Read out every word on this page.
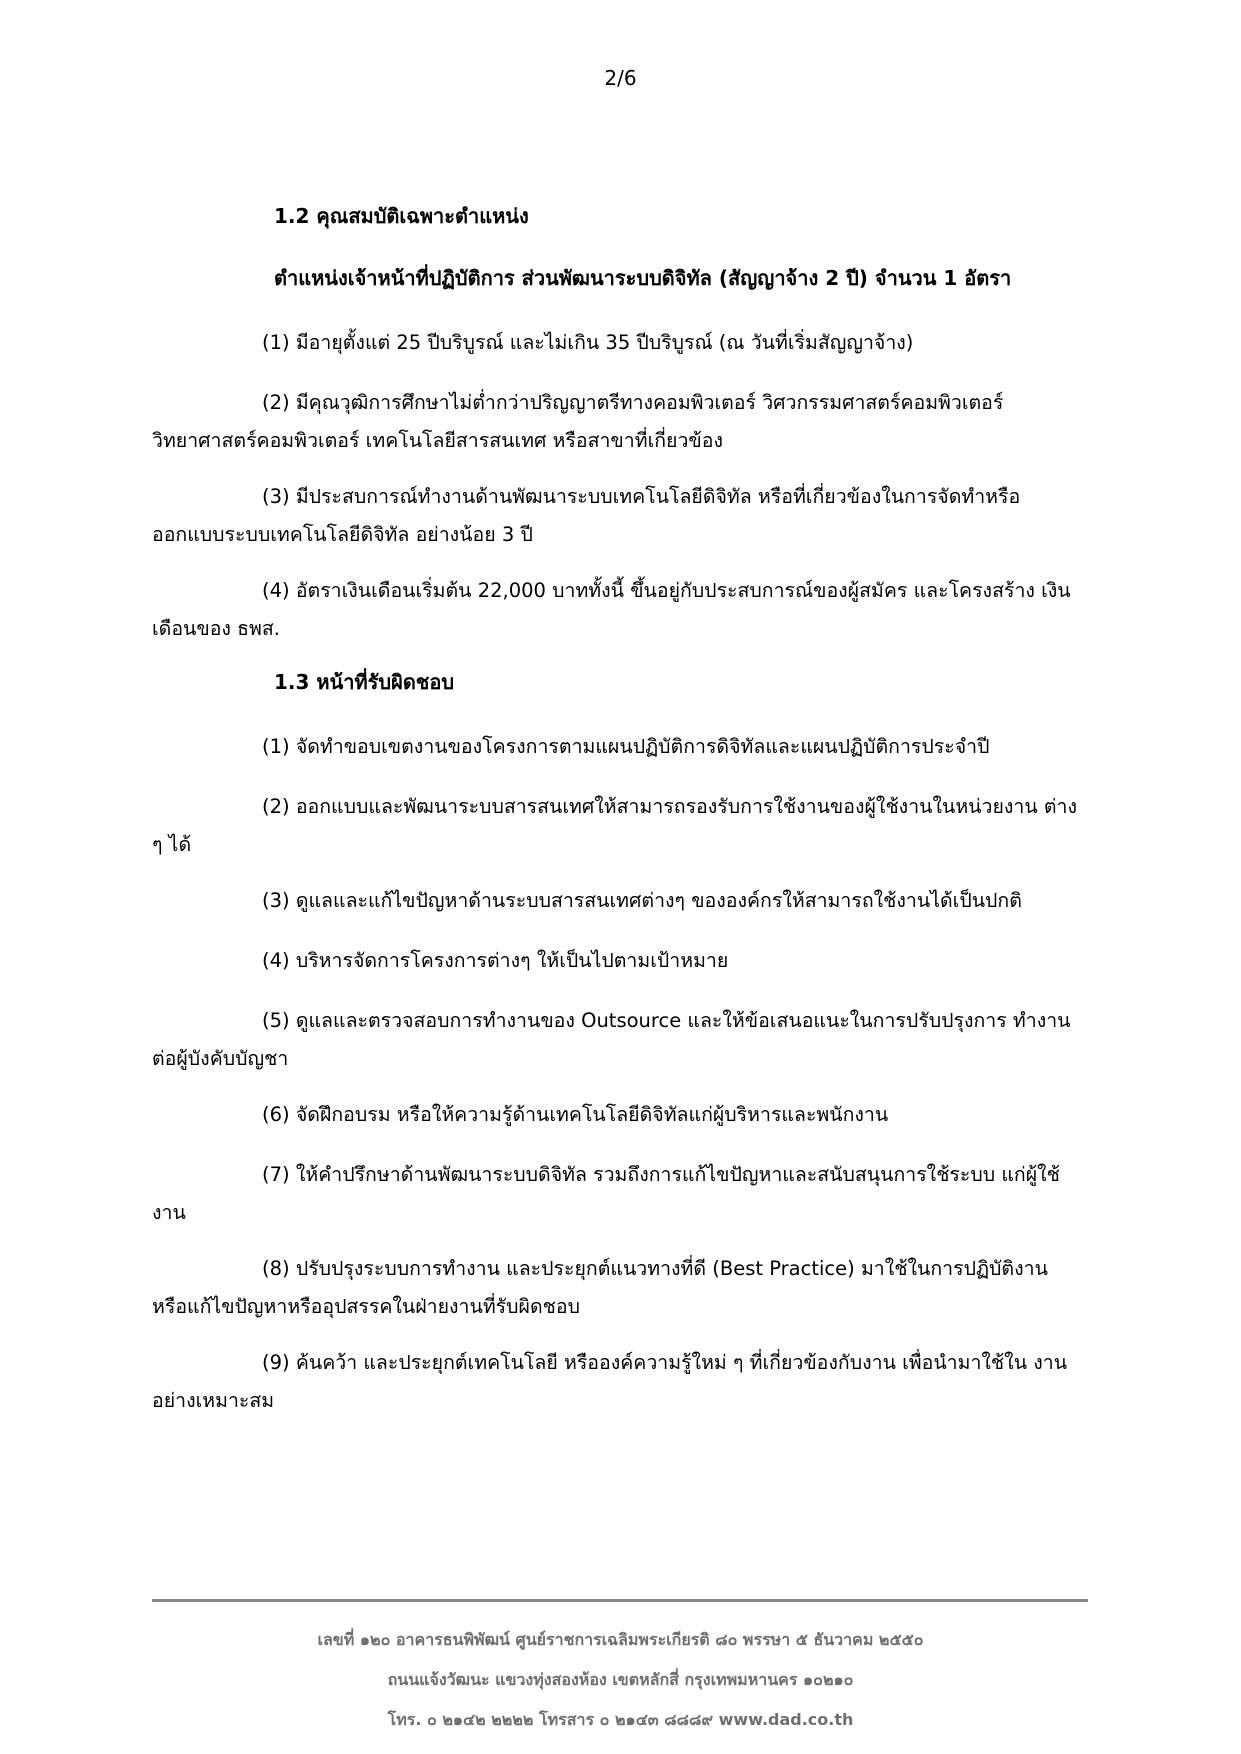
2/6
1.2 คุณสมบัติเฉพาะตำแหน่ง
ตำแหน่งเจ้าหน้าที่ปฏิบัติการ ส่วนพัฒนาระบบดิจิทัล (สัญญาจ้าง 2 ปี) จำนวน 1 อัตรา
(1) มีอายุตั้งแต่ 25 ปีบริบูรณ์ และไม่เกิน 35 ปีบริบูรณ์ (ณ วันที่เริ่มสัญญาจ้าง)
(2) มีคุณวุฒิการศึกษาไม่ต่ำกว่าปริญญาตรีทางคอมพิวเตอร์ วิศวกรรมศาสตร์คอมพิวเตอร์ วิทยาศาสตร์คอมพิวเตอร์ เทคโนโลยีสารสนเทศ หรือสาขาที่เกี่ยวข้อง
(3) มีประสบการณ์ทำงานด้านพัฒนาระบบเทคโนโลยีดิจิทัล หรือที่เกี่ยวข้องในการจัดทำหรือ ออกแบบระบบเทคโนโลยีดิจิทัล อย่างน้อย 3 ปี
(4) อัตราเงินเดือนเริ่มต้น 22,000 บาททั้งนี้ ขึ้นอยู่กับประสบการณ์ของผู้สมัคร และโครงสร้าง เงินเดือนของ ธพส.
1.3 หน้าที่รับผิดชอบ
(1) จัดทำขอบเขตงานของโครงการตามแผนปฏิบัติการดิจิทัลและแผนปฏิบัติการประจำปี
(2) ออกแบบและพัฒนาระบบสารสนเทศให้สามารถรองรับการใช้งานของผู้ใช้งานในหน่วยงาน ต่าง ๆ ได้
(3) ดูแลและแก้ไขปัญหาด้านระบบสารสนเทศต่างๆ ขององค์กรให้สามารถใช้งานได้เป็นปกติ
(4) บริหารจัดการโครงการต่างๆ ให้เป็นไปตามเป้าหมาย
(5) ดูแลและตรวจสอบการทำงานของ Outsource และให้ข้อเสนอแนะในการปรับปรุงการ ทำงานต่อผู้บังคับบัญชา
(6) จัดฝึกอบรม หรือให้ความรู้ด้านเทคโนโลยีดิจิทัลแก่ผู้บริหารและพนักงาน
(7) ให้คำปรึกษาด้านพัฒนาระบบดิจิทัล รวมถึงการแก้ไขปัญหาและสนับสนุนการใช้ระบบ แก่ผู้ใช้งาน
(8) ปรับปรุงระบบการทำงาน และประยุกต์แนวทางที่ดี (Best Practice) มาใช้ในการปฏิบัติงาน หรือแก้ไขปัญหาหรืออุปสรรคในฝ่ายงานที่รับผิดชอบ
(9) ค้นคว้า และประยุกต์เทคโนโลยี หรือองค์ความรู้ใหม่ ๆ ที่เกี่ยวข้องกับงาน เพื่อนำมาใช้ใน งานอย่างเหมาะสม
เลขที่ ๑๒๐ อาคารธนพิพัฒน์ ศูนย์ราชการเฉลิมพระเกียรติ ๘๐ พรรษา ๕ ธันวาคม ๒๕๕๐
ถนนแจ้งวัฒนะ แขวงทุ่งสองห้อง เขตหลักสี่ กรุงเทพมหานคร ๑๐๒๑๐
โทร. ๐ ๒๑๔๒ ๒๒๒๒ โทรสาร ๐ ๒๑๔๓ ๘๘๘๙ www.dad.co.th
